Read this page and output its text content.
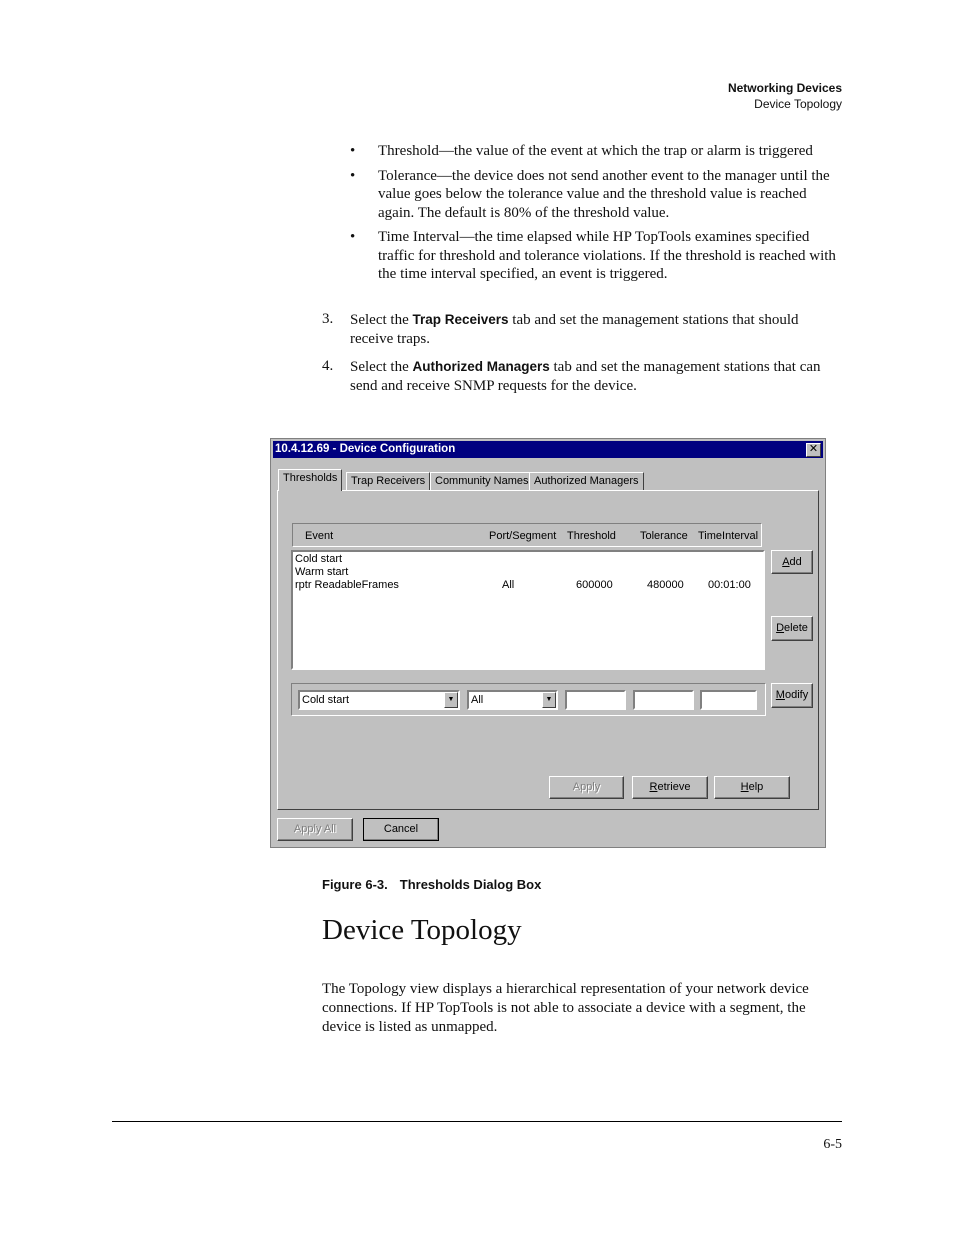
Networking Devices
Device Topology
• Threshold—the value of the event at which the trap or alarm is triggered
• Tolerance—the device does not send another event to the manager until the value goes below the tolerance value and the threshold value is reached again. The default is 80% of the threshold value.
• Time Interval—the time elapsed while HP TopTools examines specified traffic for threshold and tolerance violations. If the threshold is reached with the time interval specified, an event is triggered.
3. Select the Trap Receivers tab and set the management stations that should receive traps.
4. Select the Authorized Managers tab and set the management stations that can send and receive SNMP requests for the device.
10.4.12.69 - Device Configuration	✕
Thresholds	Trap Receivers Community Names Authorized Managers
Event	Port/Segment Threshold Tolerance TimeInterval
Cold start
Warm start
rptr ReadableFrames	All	600000	480000 00:01:00
Add
Delete
Modify
Cold start	▼	All	▼
Apply	Retrieve	Help
Apply All	Cancel
Figure 6-3. Thresholds Dialog Box
Device Topology
The Topology view displays a hierarchical representation of your network device connections. If HP TopTools is not able to associate a device with a segment, the device is listed as unmapped.
6-5
